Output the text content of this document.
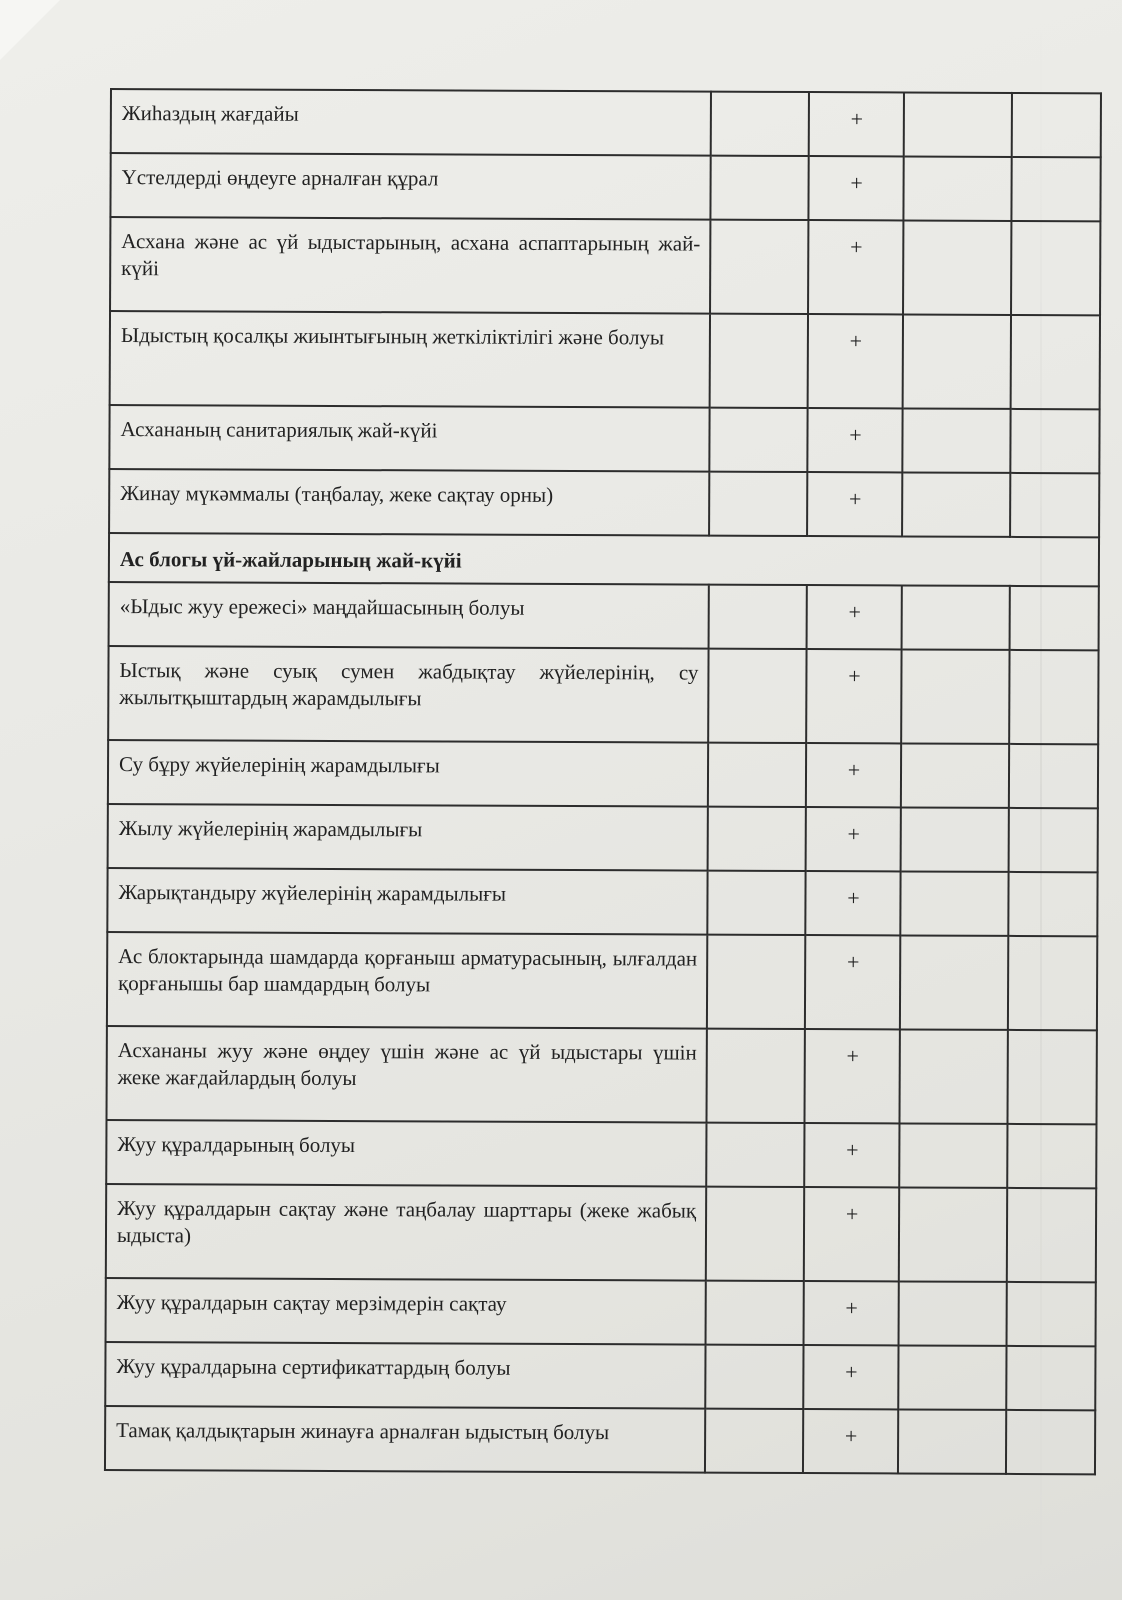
Жиһаздың жағдайы		+		
Үстелдерді өңдеуге арналған құрал		+		
Асхана және ас үй ыдыстарының, асхана аспаптарының жай-күйі		+		
Ыдыстың қосалқы жиынтығының жеткіліктілігі және болуы		+		
Асхананың санитариялық жай-күйі		+		
Жинау мүкәммалы (таңбалау, жеке сақтау орны)		+		
Ас блогы үй-жайларының жай-күйі				
«Ыдыс жуу ережесі» маңдайшасының болуы		+		
Ыстық және суық сумен жабдықтау жүйелерінің, су жылытқыштардың жарамдылығы		+		
Су бұру жүйелерінің жарамдылығы		+		
Жылу жүйелерінің жарамдылығы		+		
Жарықтандыру жүйелерінің жарамдылығы		+		
Ас блоктарында шамдарда қорғаныш арматурасының, ылғалдан қорғанышы бар шамдардың болуы		+		
Асхананы жуу және өңдеу үшін және ас үй ыдыстары үшін жеке жағдайлардың болуы		+		
Жуу құралдарының болуы		+		
Жуу құралдарын сақтау және таңбалау шарттары (жеке жабық ыдыста)		+		
Жуу құралдарын сақтау мерзімдерін сақтау		+		
Жуу құралдарына сертификаттардың болуы		+		
Тамақ қалдықтарын жинауға арналған ыдыстың болуы		+		
